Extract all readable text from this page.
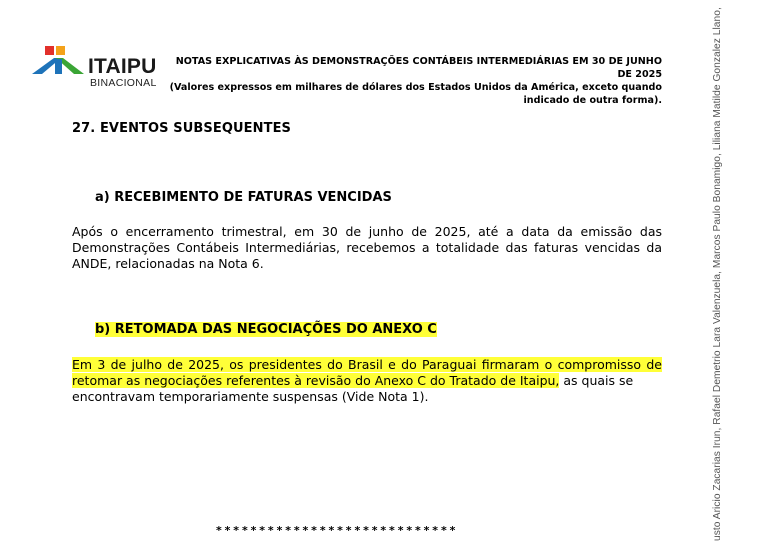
ITAIPU
BINACIONAL
NOTAS EXPLICATIVAS ÀS DEMONSTRAÇÕES CONTÁBEIS INTERMEDIÁRIAS EM 30 DE JUNHO DE 2025
(Valores expressos em milhares de dólares dos Estados Unidos da América, exceto quando
indicado de outra forma).
27. EVENTOS SUBSEQUENTES
a) RECEBIMENTO DE FATURAS VENCIDAS
Após o encerramento trimestral, em 30 de junho de 2025, até a data da emissão das
Demonstrações Contábeis Intermediárias, recebemos a totalidade das faturas vencidas da
ANDE, relacionadas na Nota 6.
b) RETOMADA DAS NEGOCIAÇÕES DO ANEXO C
Em 3 de julho de 2025, os presidentes do Brasil e do Paraguai firmaram o compromisso de
retomar as negociações referentes à revisão do Anexo C do Tratado de Itaipu, as quais se
encontravam temporariamente suspensas (Vide Nota 1).
****************************	usto Aricio Zacarias Irun, Rafael Demetrio Lara Valenzuela, Marcos Paulo Bonamigo, Liliana Matilde Gonzalez Llano,
